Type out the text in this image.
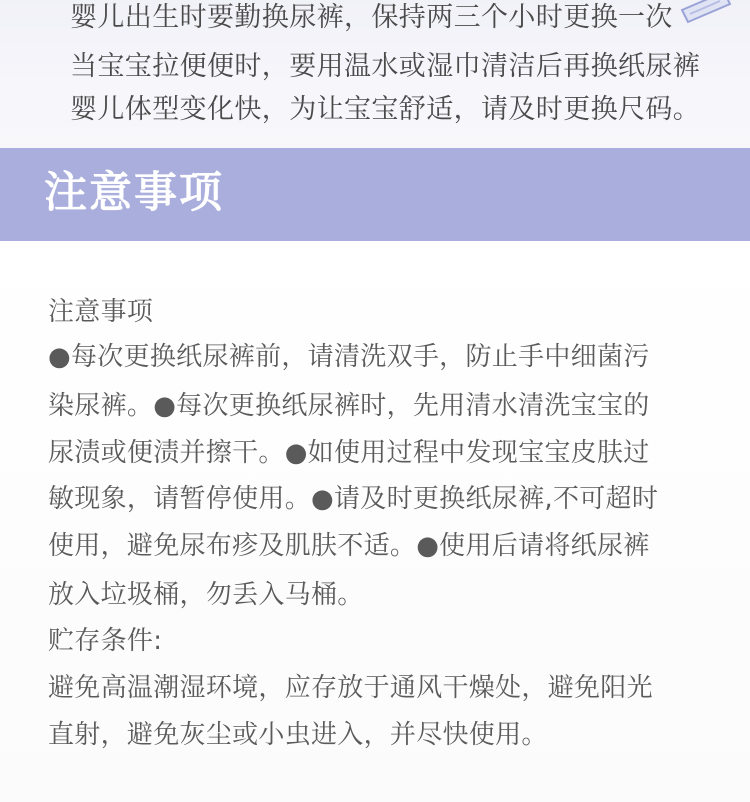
婴儿出生时要勤换尿裤，保持两三个小时更换一次
当宝宝拉便便时，要用温水或湿巾清洁后再换纸尿裤
婴儿体型变化快，为让宝宝舒适，请及时更换尺码。
注意事项
注意事项
●每次更换纸尿裤前，请清洗双手，防止手中细菌污
染尿裤。●每次更换纸尿裤时，先用清水清洗宝宝的
尿渍或便渍并擦干。●如使用过程中发现宝宝皮肤过
敏现象，请暂停使用。●请及时更换纸尿裤,不可超时
使用，避免尿布疹及肌肤不适。●使用后请将纸尿裤
放入垃圾桶，勿丢入马桶。
贮存条件:
避免高温潮湿环境，应存放于通风干燥处，避免阳光
直射，避免灰尘或小虫进入，并尽快使用。
